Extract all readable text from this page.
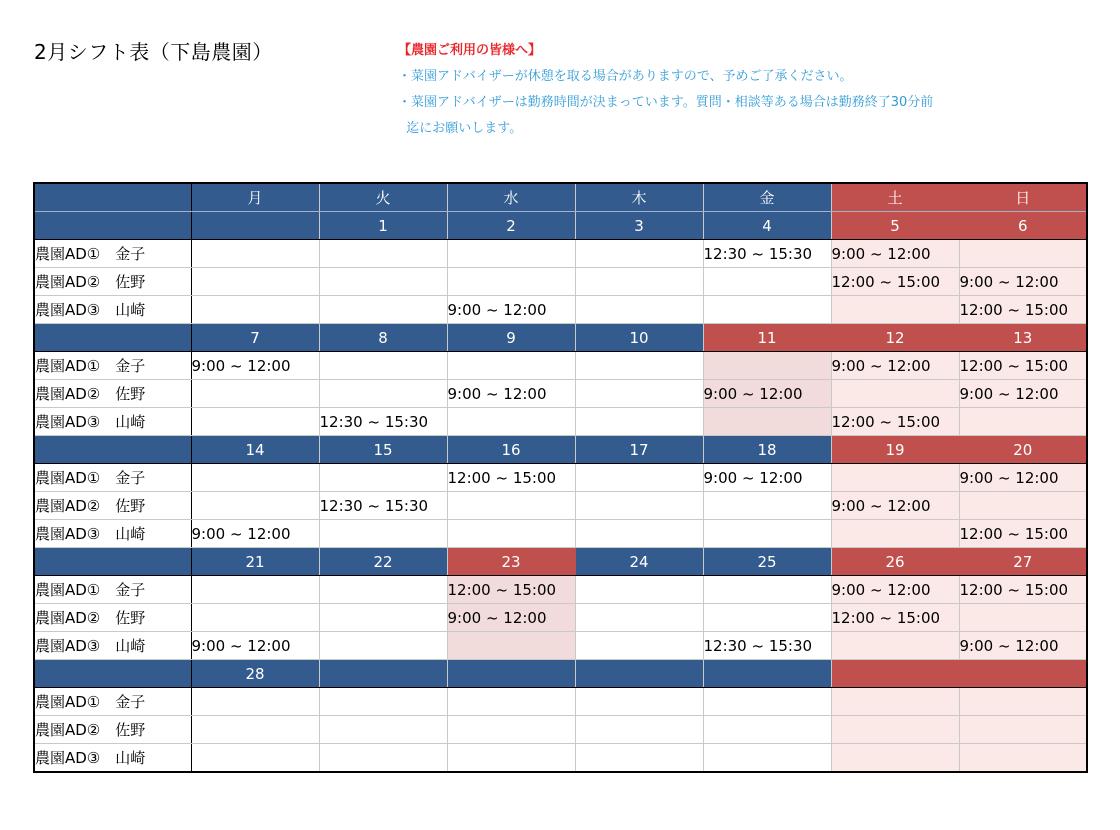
2月シフト表（下島農園）	【農園ご利用の皆様へ】
・菜園アドバイザーが休憩を取る場合がありますので、予めご了承ください。
・菜園アドバイザーは勤務時間が決まっています。質問・相談等ある場合は勤務終了30分前
迄にお願いします。
	月	火	水	木	金	土	日
		1	2	3	4	5	6
農園AD①　金子					12:30 ~ 15:30	9:00 ~ 12:00	
農園AD②　佐野						12:00 ~ 15:00	9:00 ~ 12:00
農園AD③　山崎			9:00 ~ 12:00				12:00 ~ 15:00
	7	8	9	10	11	12	13
農園AD①　金子	9:00 ~ 12:00					9:00 ~ 12:00	12:00 ~ 15:00
農園AD②　佐野			9:00 ~ 12:00		9:00 ~ 12:00		9:00 ~ 12:00
農園AD③　山崎		12:30 ~ 15:30				12:00 ~ 15:00	
	14	15	16	17	18	19	20
農園AD①　金子			12:00 ~ 15:00		9:00 ~ 12:00		9:00 ~ 12:00
農園AD②　佐野		12:30 ~ 15:30				9:00 ~ 12:00	
農園AD③　山崎	9:00 ~ 12:00						12:00 ~ 15:00
	21	22	23	24	25	26	27
農園AD①　金子			12:00 ~ 15:00			9:00 ~ 12:00	12:00 ~ 15:00
農園AD②　佐野			9:00 ~ 12:00			12:00 ~ 15:00	
農園AD③　山崎	9:00 ~ 12:00				12:30 ~ 15:30		9:00 ~ 12:00
	28						
農園AD①　金子							
農園AD②　佐野							
農園AD③　山崎							
